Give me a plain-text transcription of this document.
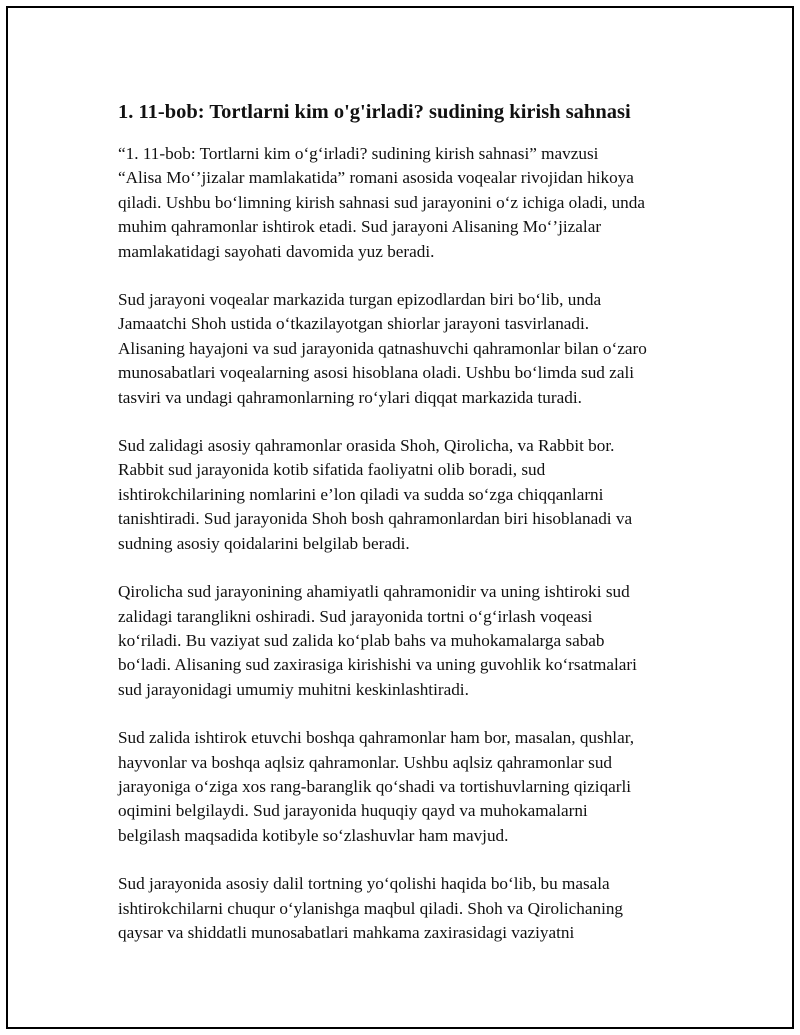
1. 11-bob: Tortlarni kim o'g'irladi? sudining kirish sahnasi

“1. 11-bob: Tortlarni kim o‘g‘irladi? sudining kirish sahnasi” mavzusi
“Alisa Mo‘’jizalar mamlakatida” romani asosida voqealar rivojidan hikoya
qiladi. Ushbu bo‘limning kirish sahnasi sud jarayonini o‘z ichiga oladi, unda
muhim qahramonlar ishtirok etadi. Sud jarayoni Alisaning Mo‘’jizalar
mamlakatidagi sayohati davomida yuz beradi.

Sud jarayoni voqealar markazida turgan epizodlardan biri bo‘lib, unda
Jamaatchi Shoh ustida o‘tkazilayotgan shiorlar jarayoni tasvirlanadi.
Alisaning hayajoni va sud jarayonida qatnashuvchi qahramonlar bilan o‘zaro
munosabatlari voqealarning asosi hisoblana oladi. Ushbu bo‘limda sud zali
tasviri va undagi qahramonlarning ro‘ylari diqqat markazida turadi.

Sud zalidagi asosiy qahramonlar orasida Shoh, Qirolicha, va Rabbit bor.
Rabbit sud jarayonida kotib sifatida faoliyatni olib boradi, sud
ishtirokchilarining nomlarini e’lon qiladi va sudda so‘zga chiqqanlarni
tanishtiradi. Sud jarayonida Shoh bosh qahramonlardan biri hisoblanadi va
sudning asosiy qoidalarini belgilab beradi.

Qirolicha sud jarayonining ahamiyatli qahramonidir va uning ishtiroki sud
zalidagi taranglikni oshiradi. Sud jarayonida tortni o‘g‘irlash voqeasi
ko‘riladi. Bu vaziyat sud zalida ko‘plab bahs va muhokamalarga sabab
bo‘ladi. Alisaning sud zaxirasiga kirishishi va uning guvohlik ko‘rsatmalari
sud jarayonidagi umumiy muhitni keskinlashtiradi.

Sud zalida ishtirok etuvchi boshqa qahramonlar ham bor, masalan, qushlar,
hayvonlar va boshqa aqlsiz qahramonlar. Ushbu aqlsiz qahramonlar sud
jarayoniga o‘ziga xos rang-baranglik qo‘shadi va tortishuvlarning qiziqarli
oqimini belgilaydi. Sud jarayonida huquqiy qayd va muhokamalarni
belgilash maqsadida kotibyle so‘zlashuvlar ham mavjud.

Sud jarayonida asosiy dalil tortning yo‘qolishi haqida bo‘lib, bu masala
ishtirokchilarni chuqur o‘ylanishga maqbul qiladi. Shoh va Qirolichaning
qaysar va shiddatli munosabatlari mahkama zaxirasidagi vaziyatni
